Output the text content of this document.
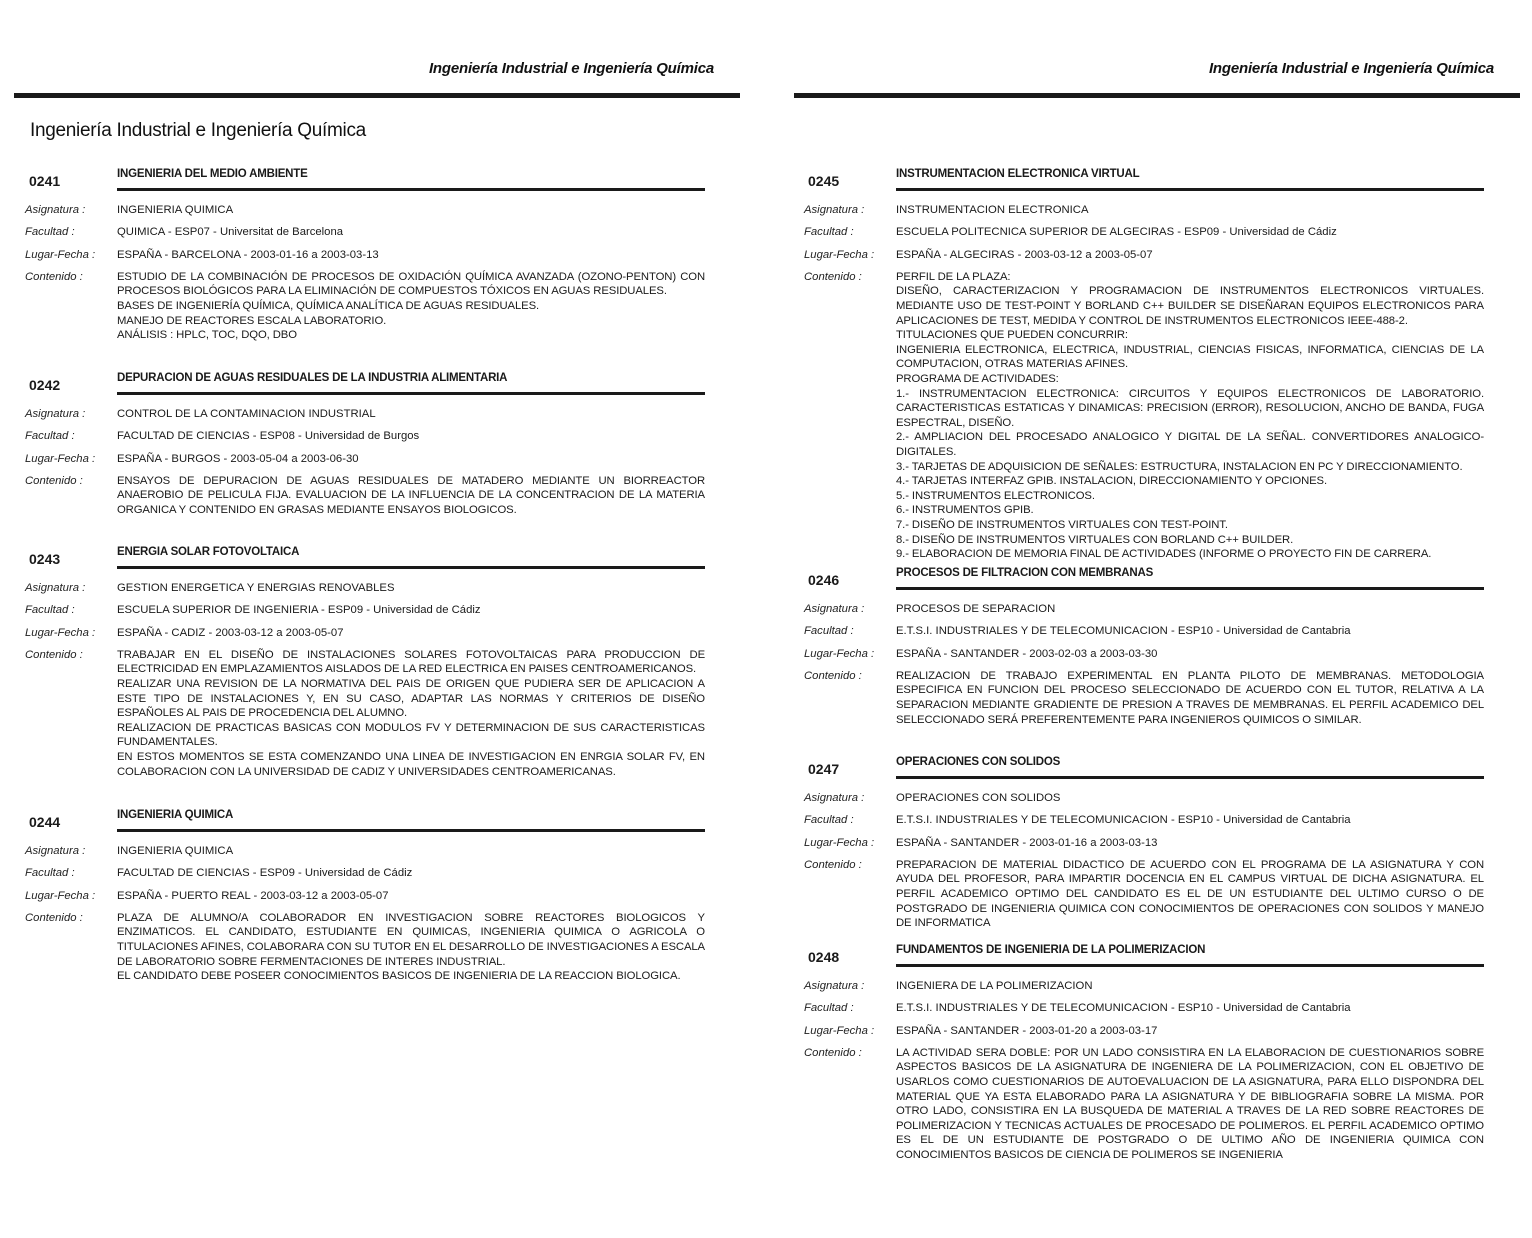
Ingeniería Industrial e Ingeniería Química
Ingeniería Industrial e Ingeniería Química
0241	INGENIERIA DEL MEDIO AMBIENTE
Asignatura :	INGENIERIA QUIMICA
Facultad :	QUIMICA - ESP07 - Universitat de Barcelona
Lugar-Fecha : ESPAÑA - BARCELONA - 2003-01-16 a 2003-03-13
Contenido :	ESTUDIO DE LA COMBINACIÓN DE PROCESOS DE OXIDACIÓN QUÍMICA AVANZADA (OZONO-PENTON) CON PROCESOS BIOLÓGICOS PARA LA ELIMINACIÓN DE COMPUESTOS TÓXICOS EN AGUAS RESIDUALES.
BASES DE INGENIERÍA QUÍMICA, QUÍMICA ANALÍTICA DE AGUAS RESIDUALES.
MANEJO DE REACTORES ESCALA LABORATORIO.
ANÁLISIS : HPLC, TOC, DQO, DBO
0242	DEPURACION DE AGUAS RESIDUALES DE LA INDUSTRIA ALIMENTARIA
Asignatura :	CONTROL DE LA CONTAMINACION INDUSTRIAL
Facultad :	FACULTAD DE CIENCIAS - ESP08 - Universidad de Burgos
Lugar-Fecha : ESPAÑA - BURGOS - 2003-05-04 a 2003-06-30
Contenido :	ENSAYOS DE DEPURACION DE AGUAS RESIDUALES DE MATADERO MEDIANTE UN BIORREACTOR ANAEROBIO DE PELICULA FIJA. EVALUACION DE LA INFLUENCIA DE LA CONCENTRACION DE LA MATERIA ORGANICA Y CONTENIDO EN GRASAS MEDIANTE ENSAYOS BIOLOGICOS.
0243	ENERGIA SOLAR FOTOVOLTAICA
Asignatura :	GESTION ENERGETICA Y ENERGIAS RENOVABLES
Facultad :	ESCUELA SUPERIOR DE INGENIERIA - ESP09 - Universidad de Cádiz
Lugar-Fecha : ESPAÑA - CADIZ - 2003-03-12 a 2003-05-07
Contenido :	TRABAJAR EN EL DISEÑO DE INSTALACIONES SOLARES FOTOVOLTAICAS PARA PRODUCCION DE ELECTRICIDAD EN EMPLAZAMIENTOS AISLADOS DE LA RED ELECTRICA EN PAISES CENTROAMERICANOS.
REALIZAR UNA REVISION DE LA NORMATIVA DEL PAIS DE ORIGEN QUE PUDIERA SER DE APLICACION A ESTE TIPO DE INSTALACIONES Y, EN SU CASO, ADAPTAR LAS NORMAS Y CRITERIOS DE DISEÑO ESPAÑOLES AL PAIS DE PROCEDENCIA DEL ALUMNO.
REALIZACION DE PRACTICAS BASICAS CON MODULOS FV Y DETERMINACION DE SUS CARACTERISTICAS FUNDAMENTALES.
EN ESTOS MOMENTOS SE ESTA COMENZANDO UNA LINEA DE INVESTIGACION EN ENRGIA SOLAR FV, EN COLABORACION CON LA UNIVERSIDAD DE CADIZ Y UNIVERSIDADES CENTROAMERICANAS.
0244	INGENIERIA QUIMICA
Asignatura :	INGENIERIA QUIMICA
Facultad :	FACULTAD DE CIENCIAS - ESP09 - Universidad de Cádiz
Lugar-Fecha : ESPAÑA - PUERTO REAL - 2003-03-12 a 2003-05-07
Contenido :	PLAZA DE ALUMNO/A COLABORADOR EN INVESTIGACION SOBRE REACTORES BIOLOGICOS Y ENZIMATICOS. EL CANDIDATO, ESTUDIANTE EN QUIMICAS, INGENIERIA QUIMICA O AGRICOLA O TITULACIONES AFINES, COLABORARA CON SU TUTOR EN EL DESARROLLO DE INVESTIGACIONES A ESCALA DE LABORATORIO SOBRE FERMENTACIONES DE INTERES INDUSTRIAL.
EL CANDIDATO DEBE POSEER CONOCIMIENTOS BASICOS DE INGENIERIA DE LA REACCION BIOLOGICA.
Ingeniería Industrial e Ingeniería Química
0245	INSTRUMENTACION ELECTRONICA VIRTUAL
Asignatura :	INSTRUMENTACION ELECTRONICA
Facultad :	ESCUELA POLITECNICA SUPERIOR DE ALGECIRAS - ESP09 - Universidad de Cádiz
Lugar-Fecha : ESPAÑA - ALGECIRAS - 2003-03-12 a 2003-05-07
Contenido :	PERFIL DE LA PLAZA:
DISEÑO, CARACTERIZACION Y PROGRAMACION DE INSTRUMENTOS ELECTRONICOS VIRTUALES. MEDIANTE USO DE TEST-POINT Y BORLAND C++ BUILDER SE DISEÑARAN EQUIPOS ELECTRONICOS PARA APLICACIONES DE TEST, MEDIDA Y CONTROL DE INSTRUMENTOS ELECTRONICOS IEEE-488-2.
TITULACIONES QUE PUEDEN CONCURRIR:
INGENIERIA ELECTRONICA, ELECTRICA, INDUSTRIAL, CIENCIAS FISICAS, INFORMATICA, CIENCIAS DE LA COMPUTACION, OTRAS MATERIAS AFINES.
PROGRAMA DE ACTIVIDADES:
1.- INSTRUMENTACION ELECTRONICA: CIRCUITOS Y EQUIPOS ELECTRONICOS DE LABORATORIO. CARACTERISTICAS ESTATICAS Y DINAMICAS: PRECISION (ERROR), RESOLUCION, ANCHO DE BANDA, FUGA ESPECTRAL, DISEÑO.
2.- AMPLIACION DEL PROCESADO ANALOGICO Y DIGITAL DE LA SEÑAL. CONVERTIDORES ANALOGICO-DIGITALES.
3.- TARJETAS DE ADQUISICION DE SEÑALES: ESTRUCTURA, INSTALACION EN PC Y DIRECCIONAMIENTO.
4.- TARJETAS INTERFAZ GPIB. INSTALACION, DIRECCIONAMIENTO Y OPCIONES.
5.- INSTRUMENTOS ELECTRONICOS.
6.- INSTRUMENTOS GPIB.
7.- DISEÑO DE INSTRUMENTOS VIRTUALES CON TEST-POINT.
8.- DISEÑO DE INSTRUMENTOS VIRTUALES CON BORLAND C++ BUILDER.
9.- ELABORACION DE MEMORIA FINAL DE ACTIVIDADES (INFORME O PROYECTO FIN DE CARRERA.
0246	PROCESOS DE FILTRACION CON MEMBRANAS
Asignatura :	PROCESOS DE SEPARACION
Facultad :	E.T.S.I. INDUSTRIALES Y DE TELECOMUNICACION - ESP10 - Universidad de Cantabria
Lugar-Fecha : ESPAÑA - SANTANDER - 2003-02-03 a 2003-03-30
Contenido :	REALIZACION DE TRABAJO EXPERIMENTAL EN PLANTA PILOTO DE MEMBRANAS. METODOLOGIA ESPECIFICA EN FUNCION DEL PROCESO SELECCIONADO DE ACUERDO CON EL TUTOR, RELATIVA A LA SEPARACION MEDIANTE GRADIENTE DE PRESION A TRAVES DE MEMBRANAS. EL PERFIL ACADEMICO DEL SELECCIONADO SERÁ PREFERENTEMENTE PARA INGENIEROS QUIMICOS O SIMILAR.
0247	OPERACIONES CON SOLIDOS
Asignatura :	OPERACIONES CON SOLIDOS
Facultad :	E.T.S.I. INDUSTRIALES Y DE TELECOMUNICACION - ESP10 - Universidad de Cantabria
Lugar-Fecha : ESPAÑA - SANTANDER - 2003-01-16 a 2003-03-13
Contenido :	PREPARACION DE MATERIAL DIDACTICO DE ACUERDO CON EL PROGRAMA DE LA ASIGNATURA Y CON AYUDA DEL PROFESOR, PARA IMPARTIR DOCENCIA EN EL CAMPUS VIRTUAL DE DICHA ASIGNATURA. EL PERFIL ACADEMICO OPTIMO DEL CANDIDATO ES EL DE UN ESTUDIANTE DEL ULTIMO CURSO O DE POSTGRADO DE INGENIERIA QUIMICA CON CONOCIMIENTOS DE OPERACIONES CON SOLIDOS Y MANEJO DE INFORMATICA
0248	FUNDAMENTOS DE INGENIERIA DE LA POLIMERIZACION
Asignatura :	INGENIERA DE LA POLIMERIZACION
Facultad :	E.T.S.I. INDUSTRIALES Y DE TELECOMUNICACION - ESP10 - Universidad de Cantabria
Lugar-Fecha : ESPAÑA - SANTANDER - 2003-01-20 a 2003-03-17
Contenido :	LA ACTIVIDAD SERA DOBLE: POR UN LADO CONSISTIRA EN LA ELABORACION DE CUESTIONARIOS SOBRE ASPECTOS BASICOS DE LA ASIGNATURA DE INGENIERA DE LA POLIMERIZACION, CON EL OBJETIVO DE USARLOS COMO CUESTIONARIOS DE AUTOEVALUACION DE LA ASIGNATURA, PARA ELLO DISPONDRA DEL MATERIAL QUE YA ESTA ELABORADO PARA LA ASIGNATURA Y DE BIBLIOGRAFIA SOBRE LA MISMA. POR OTRO LADO, CONSISTIRA EN LA BUSQUEDA DE MATERIAL A TRAVES DE LA RED SOBRE REACTORES DE POLIMERIZACION Y TECNICAS ACTUALES DE PROCESADO DE POLIMEROS. EL PERFIL ACADEMICO OPTIMO ES EL DE UN ESTUDIANTE DE POSTGRADO O DE ULTIMO AÑO DE INGENIERIA QUIMICA CON CONOCIMIENTOS BASICOS DE CIENCIA DE POLIMEROS SE INGENIERIA
